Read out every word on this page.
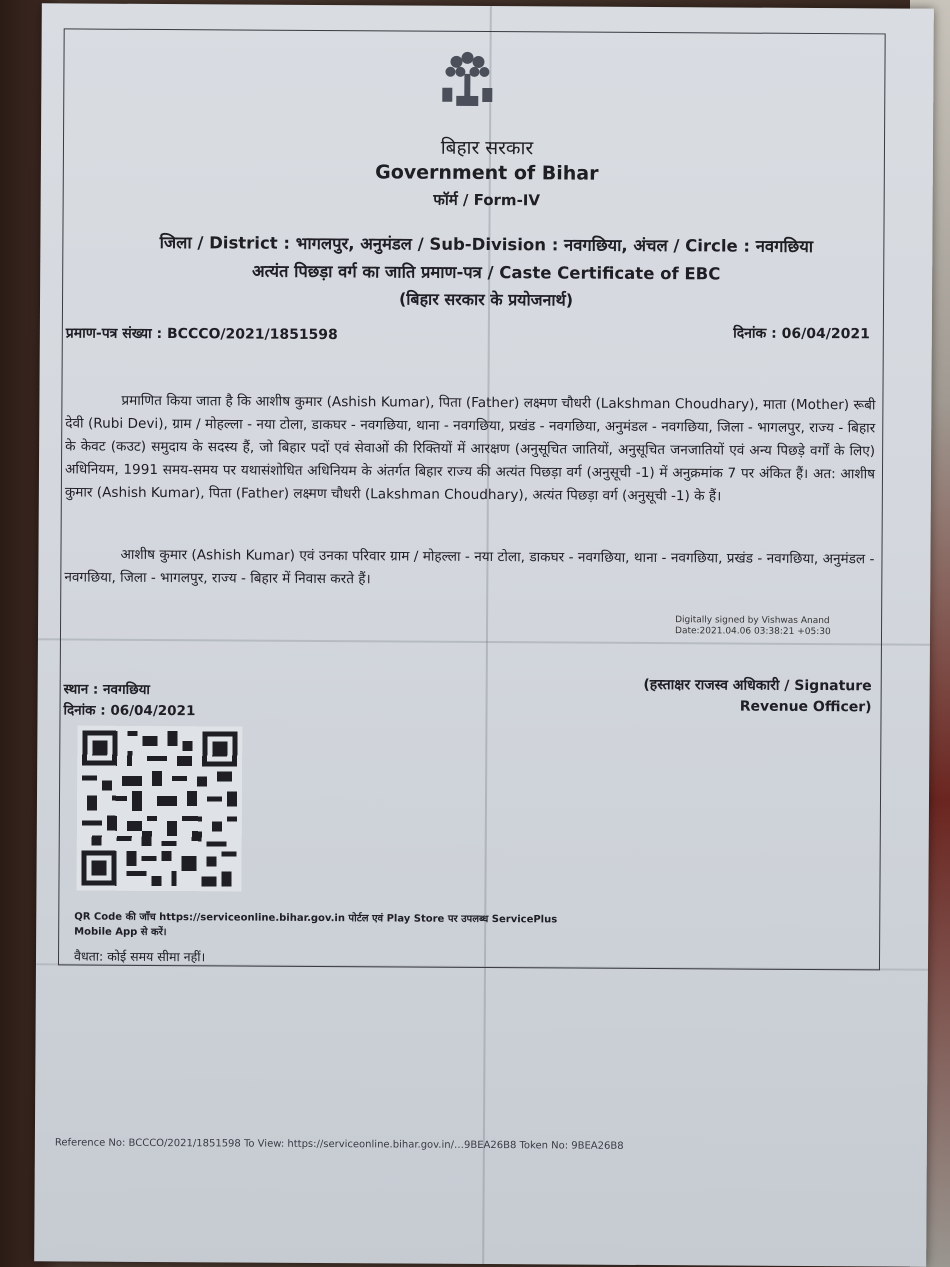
बिहार सरकार
Government of Bihar
फॉर्म / Form-IV
जिला / District : भागलपुर, अनुमंडल / Sub-Division : नवगछिया, अंचल / Circle : नवगछिया
अत्यंत पिछड़ा वर्ग का जाति प्रमाण-पत्र / Caste Certificate of EBC
(बिहार सरकार के प्रयोजनार्थ)
प्रमाण-पत्र संख्या : BCCCO/2021/1851598	दिनांक : 06/04/2021
प्रमाणित किया जाता है कि आशीष कुमार (Ashish Kumar), पिता (Father) लक्ष्मण चौधरी (Lakshman Choudhary), माता (Mother) रूबी देवी (Rubi Devi), ग्राम / मोहल्ला - नया टोला, डाकघर - नवगछिया, थाना - नवगछिया, प्रखंड - नवगछिया, अनुमंडल - नवगछिया, जिला - भागलपुर, राज्य - बिहार के केवट (कउट) समुदाय के सदस्य हैं, जो बिहार पदों एवं सेवाओं की रिक्तियों में आरक्षण (अनुसूचित जातियों, अनुसूचित जनजातियों एवं अन्य पिछड़े वर्गों के लिए) अधिनियम, 1991 समय-समय पर यथासंशोधित अधिनियम के अंतर्गत बिहार राज्य की अत्यंत पिछड़ा वर्ग (अनुसूची -1) में अनुक्रमांक 7 पर अंकित हैं। अत: आशीष कुमार (Ashish Kumar), पिता (Father) लक्ष्मण चौधरी (Lakshman Choudhary), अत्यंत पिछड़ा वर्ग (अनुसूची -1) के हैं।
आशीष कुमार (Ashish Kumar) एवं उनका परिवार ग्राम / मोहल्ला - नया टोला, डाकघर - नवगछिया, थाना - नवगछिया, प्रखंड - नवगछिया, अनुमंडल - नवगछिया, जिला - भागलपुर, राज्य - बिहार में निवास करते हैं।
Digitally signed by Vishwas Anand
Date:2021.04.06 03:38:21 +05:30
स्थान : नवगछिया
दिनांक : 06/04/2021
(हस्ताक्षर राजस्व अधिकारी / Signature
Revenue Officer)
QR Code की जाँच https://serviceonline.bihar.gov.in पोर्टल एवं Play Store पर उपलब्ध ServicePlus Mobile App से करें।
वैधता: कोई समय सीमा नहीं।
Reference No: BCCCO/2021/1851598 To View: https://serviceonline.bihar.gov.in/…9BEA26B8 Token No: 9BEA26B8
